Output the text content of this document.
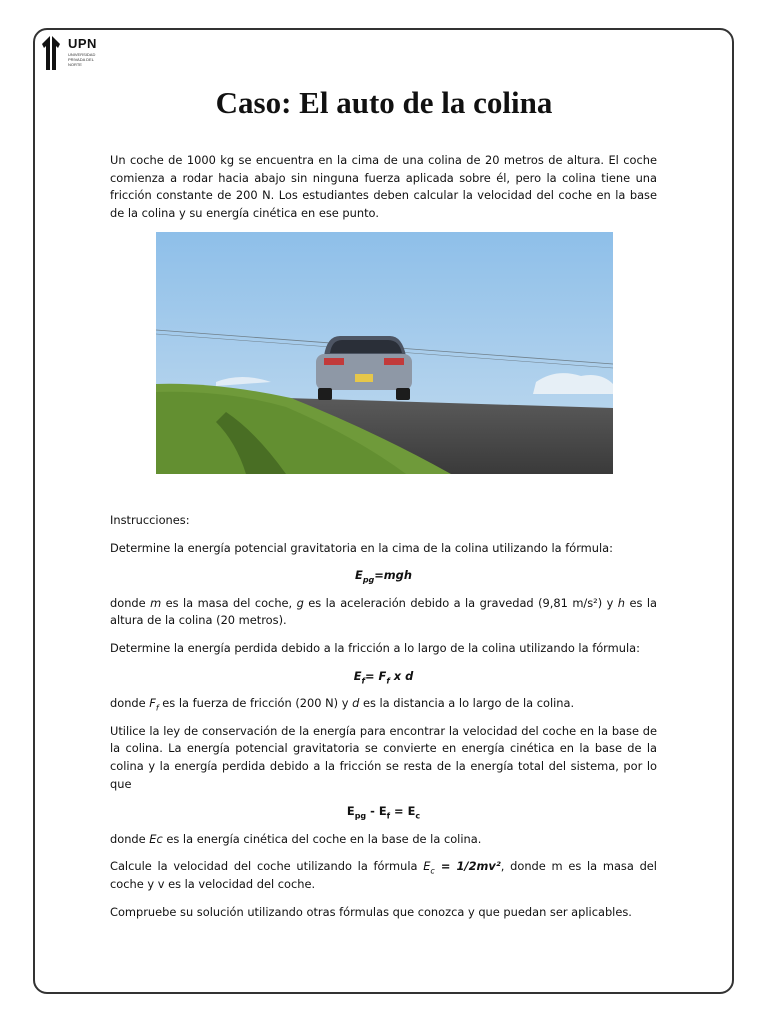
UPN
UNIVERSIDAD PRIVADA DEL NORTE
Caso: El auto de la colina
Un coche de 1000 kg se encuentra en la cima de una colina de 20 metros de altura. El coche comienza a rodar hacia abajo sin ninguna fuerza aplicada sobre él, pero la colina tiene una fricción constante de 200 N. Los estudiantes deben calcular la velocidad del coche en la base de la colina y su energía cinética en ese punto.

Instrucciones:

Determine la energía potencial gravitatoria en la cima de la colina utilizando la fórmula:

$E_{pg}=mgh$

donde m es la masa del coche, g es la aceleración debido a la gravedad (9,81 m/s²) y h es la altura de la colina (20 metros).

Determine la energía perdida debido a la fricción a lo largo de la colina utilizando la fórmula:

$E_f= F_f$ x d

donde $F_f$ es la fuerza de fricción (200 N) y d es la distancia a lo largo de la colina.

Utilice la ley de conservación de la energía para encontrar la velocidad del coche en la base de la colina. La energía potencial gravitatoria se convierte en energía cinética en la base de la colina y la energía perdida debido a la fricción se resta de la energía total del sistema, por lo que

$E_{pg} - E_f = E_c$

donde Ec es la energía cinética del coche en la base de la colina.

Calcule la velocidad del coche utilizando la fórmula $E_c = 1/2mv^2$, donde m es la masa del coche y v es la velocidad del coche.

Compruebe su solución utilizando otras fórmulas que conozca y que puedan ser aplicables.
